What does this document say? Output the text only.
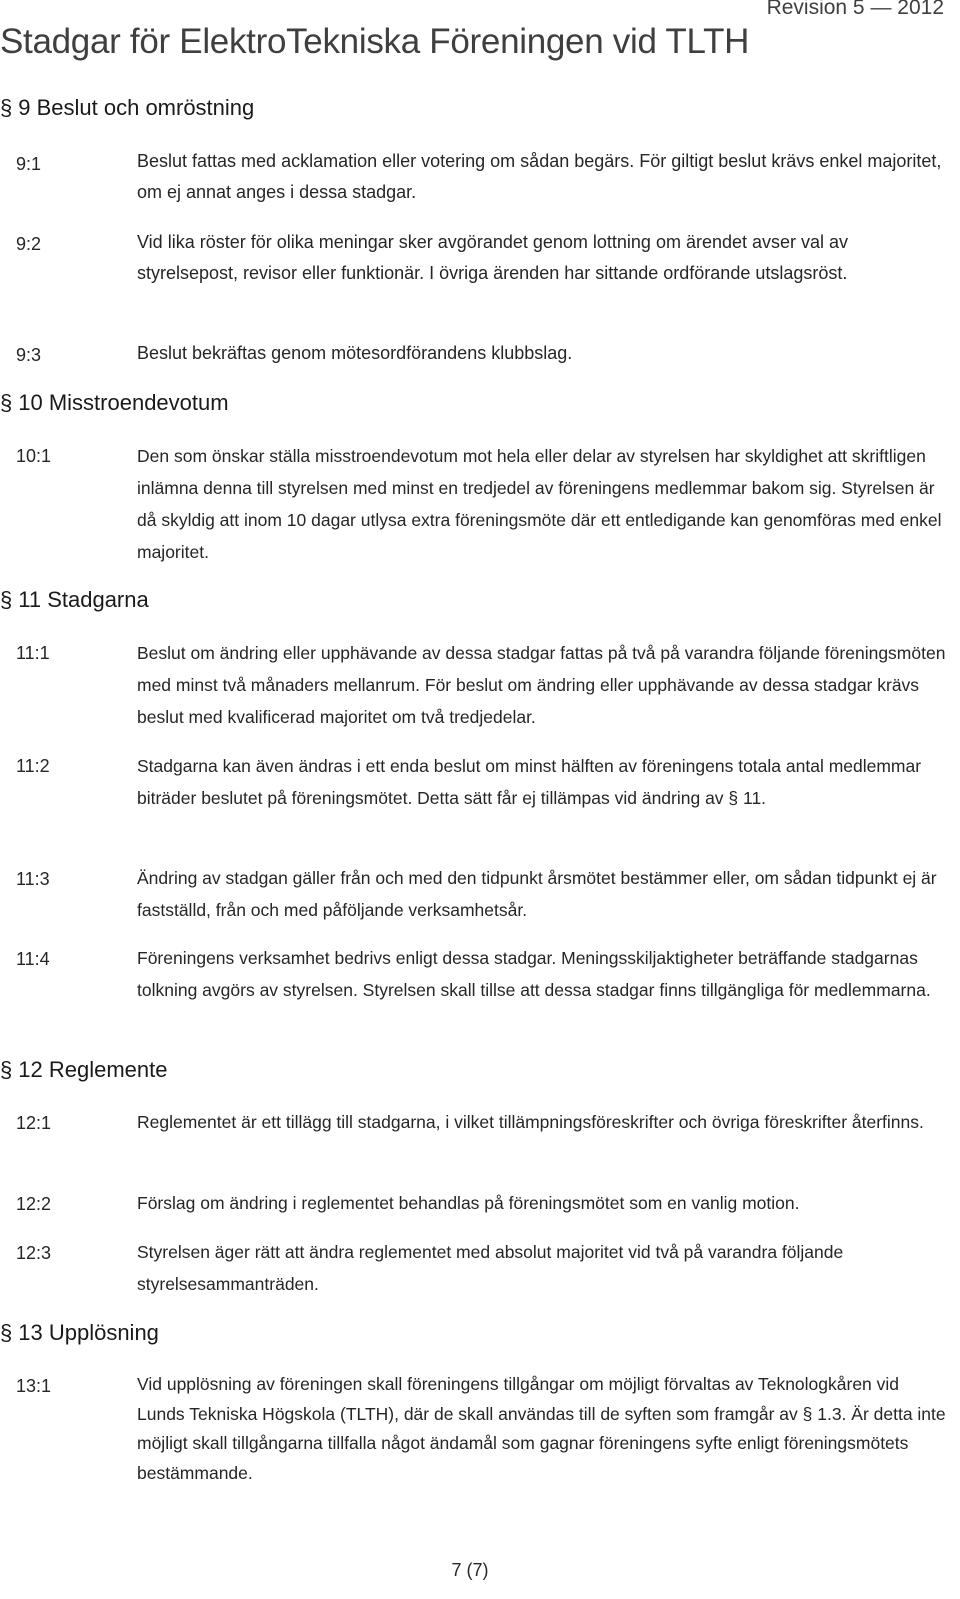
Revision 5 — 2012
Stadgar för ElektroTekniska Föreningen vid TLTH
§ 9 Beslut och omröstning
9:1	Beslut fattas med acklamation eller votering om sådan begärs. För giltigt beslut krävs enkel majoritet, om ej annat anges i dessa stadgar.
9:2	Vid lika röster för olika meningar sker avgörandet genom lottning om ärendet avser val av styrelsepost, revisor eller funktionär. I övriga ärenden har sittande ordförande utslagsröst.
9:3	Beslut bekräftas genom mötesordförandens klubbslag.
§ 10 Misstroendevotum
10:1	Den som önskar ställa misstroendevotum mot hela eller delar av styrelsen har skyldighet att skriftligen inlämna denna till styrelsen med minst en tredjedel av föreningens medlemmar bakom sig. Styrelsen är då skyldig att inom 10 dagar utlysa extra föreningsmöte där ett entledigande kan genomföras med enkel majoritet.
§ 11 Stadgarna
11:1	Beslut om ändring eller upphävande av dessa stadgar fattas på två på varandra följande föreningsmöten med minst två månaders mellanrum. För beslut om ändring eller upphävande av dessa stadgar krävs beslut med kvalificerad majoritet om två tredjedelar.
11:2	Stadgarna kan även ändras i ett enda beslut om minst hälften av föreningens totala antal medlemmar biträder beslutet på föreningsmötet. Detta sätt får ej tillämpas vid ändring av § 11.
11:3	Ändring av stadgan gäller från och med den tidpunkt årsmötet bestämmer eller, om sådan tidpunkt ej är fastställd, från och med påföljande verksamhetsår.
11:4	Föreningens verksamhet bedrivs enligt dessa stadgar. Meningsskiljaktigheter beträffande stadgarnas tolkning avgörs av styrelsen. Styrelsen skall tillse att dessa stadgar finns tillgängliga för medlemmarna.
§ 12 Reglemente
12:1	Reglementet är ett tillägg till stadgarna, i vilket tillämpningsföreskrifter och övriga föreskrifter återfinns.
12:2	Förslag om ändring i reglementet behandlas på föreningsmötet som en vanlig motion.
12:3	Styrelsen äger rätt att ändra reglementet med absolut majoritet vid två på varandra följande styrelsesammanträden.
§ 13 Upplösning
13:1	Vid upplösning av föreningen skall föreningens tillgångar om möjligt förvaltas av Teknologkåren vid Lunds Tekniska Högskola (TLTH), där de skall användas till de syften som framgår av § 1.3. Är detta inte möjligt skall tillgångarna tillfalla något ändamål som gagnar föreningens syfte enligt föreningsmötets bestämmande.
7 (7)
